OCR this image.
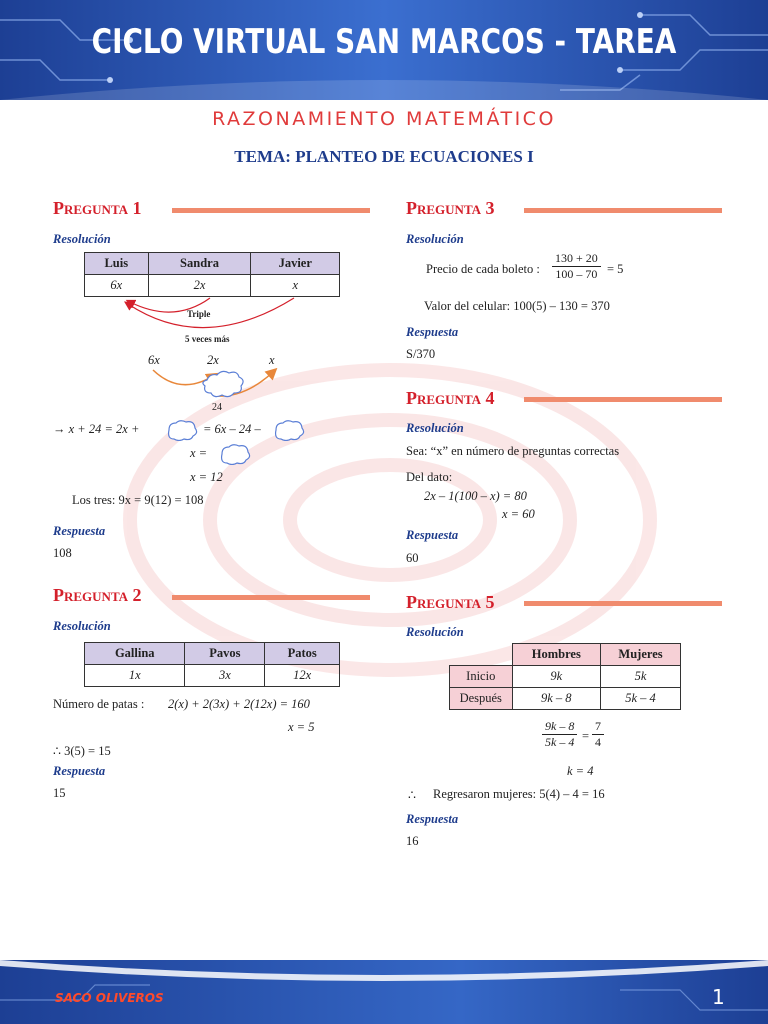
CICLO VIRTUAL SAN MARCOS - TAREA
RAZONAMIENTO MATEMÁTICO
TEMA: PLANTEO DE ECUACIONES I
Pregunta 1
Resolución
Luis	Sandra	Javier
6x	2x	x
Triple
5 veces más
6x	2x	x
24
→ x + 24 = 2x +	= 6x – 24 –
x =
x = 12
Los tres: 9x = 9(12) = 108
Respuesta
108
Pregunta 2
Resolución
Gallina	Pavos	Patos
1x	3x	12x
Número de patas : 2(x) + 2(3x) + 2(12x) = 160
x = 5
∴ 3(5) = 15
Respuesta
15
Pregunta 3
Resolución
Precio de cada boleto : $\frac{130 + 20}{100 - 70} = 5$
Valor del celular: 100(5) – 130 = 370
Respuesta
S/370
Pregunta 4
Resolución
Sea: “x” en número de preguntas correctas
Del dato:
2x – 1(100 – x) = 80
x = 60
Respuesta
60
Pregunta 5
Resolución
	Hombres	Mujeres
Inicio	9k	5k
Después	9k – 8	5k – 4
$\frac{9k - 8}{5k - 4} = \frac{7}{4}$
k = 4
∴ Regresaron mujeres: 5(4) – 4 = 16
Respuesta
16
SACO OLIVEROS	1
